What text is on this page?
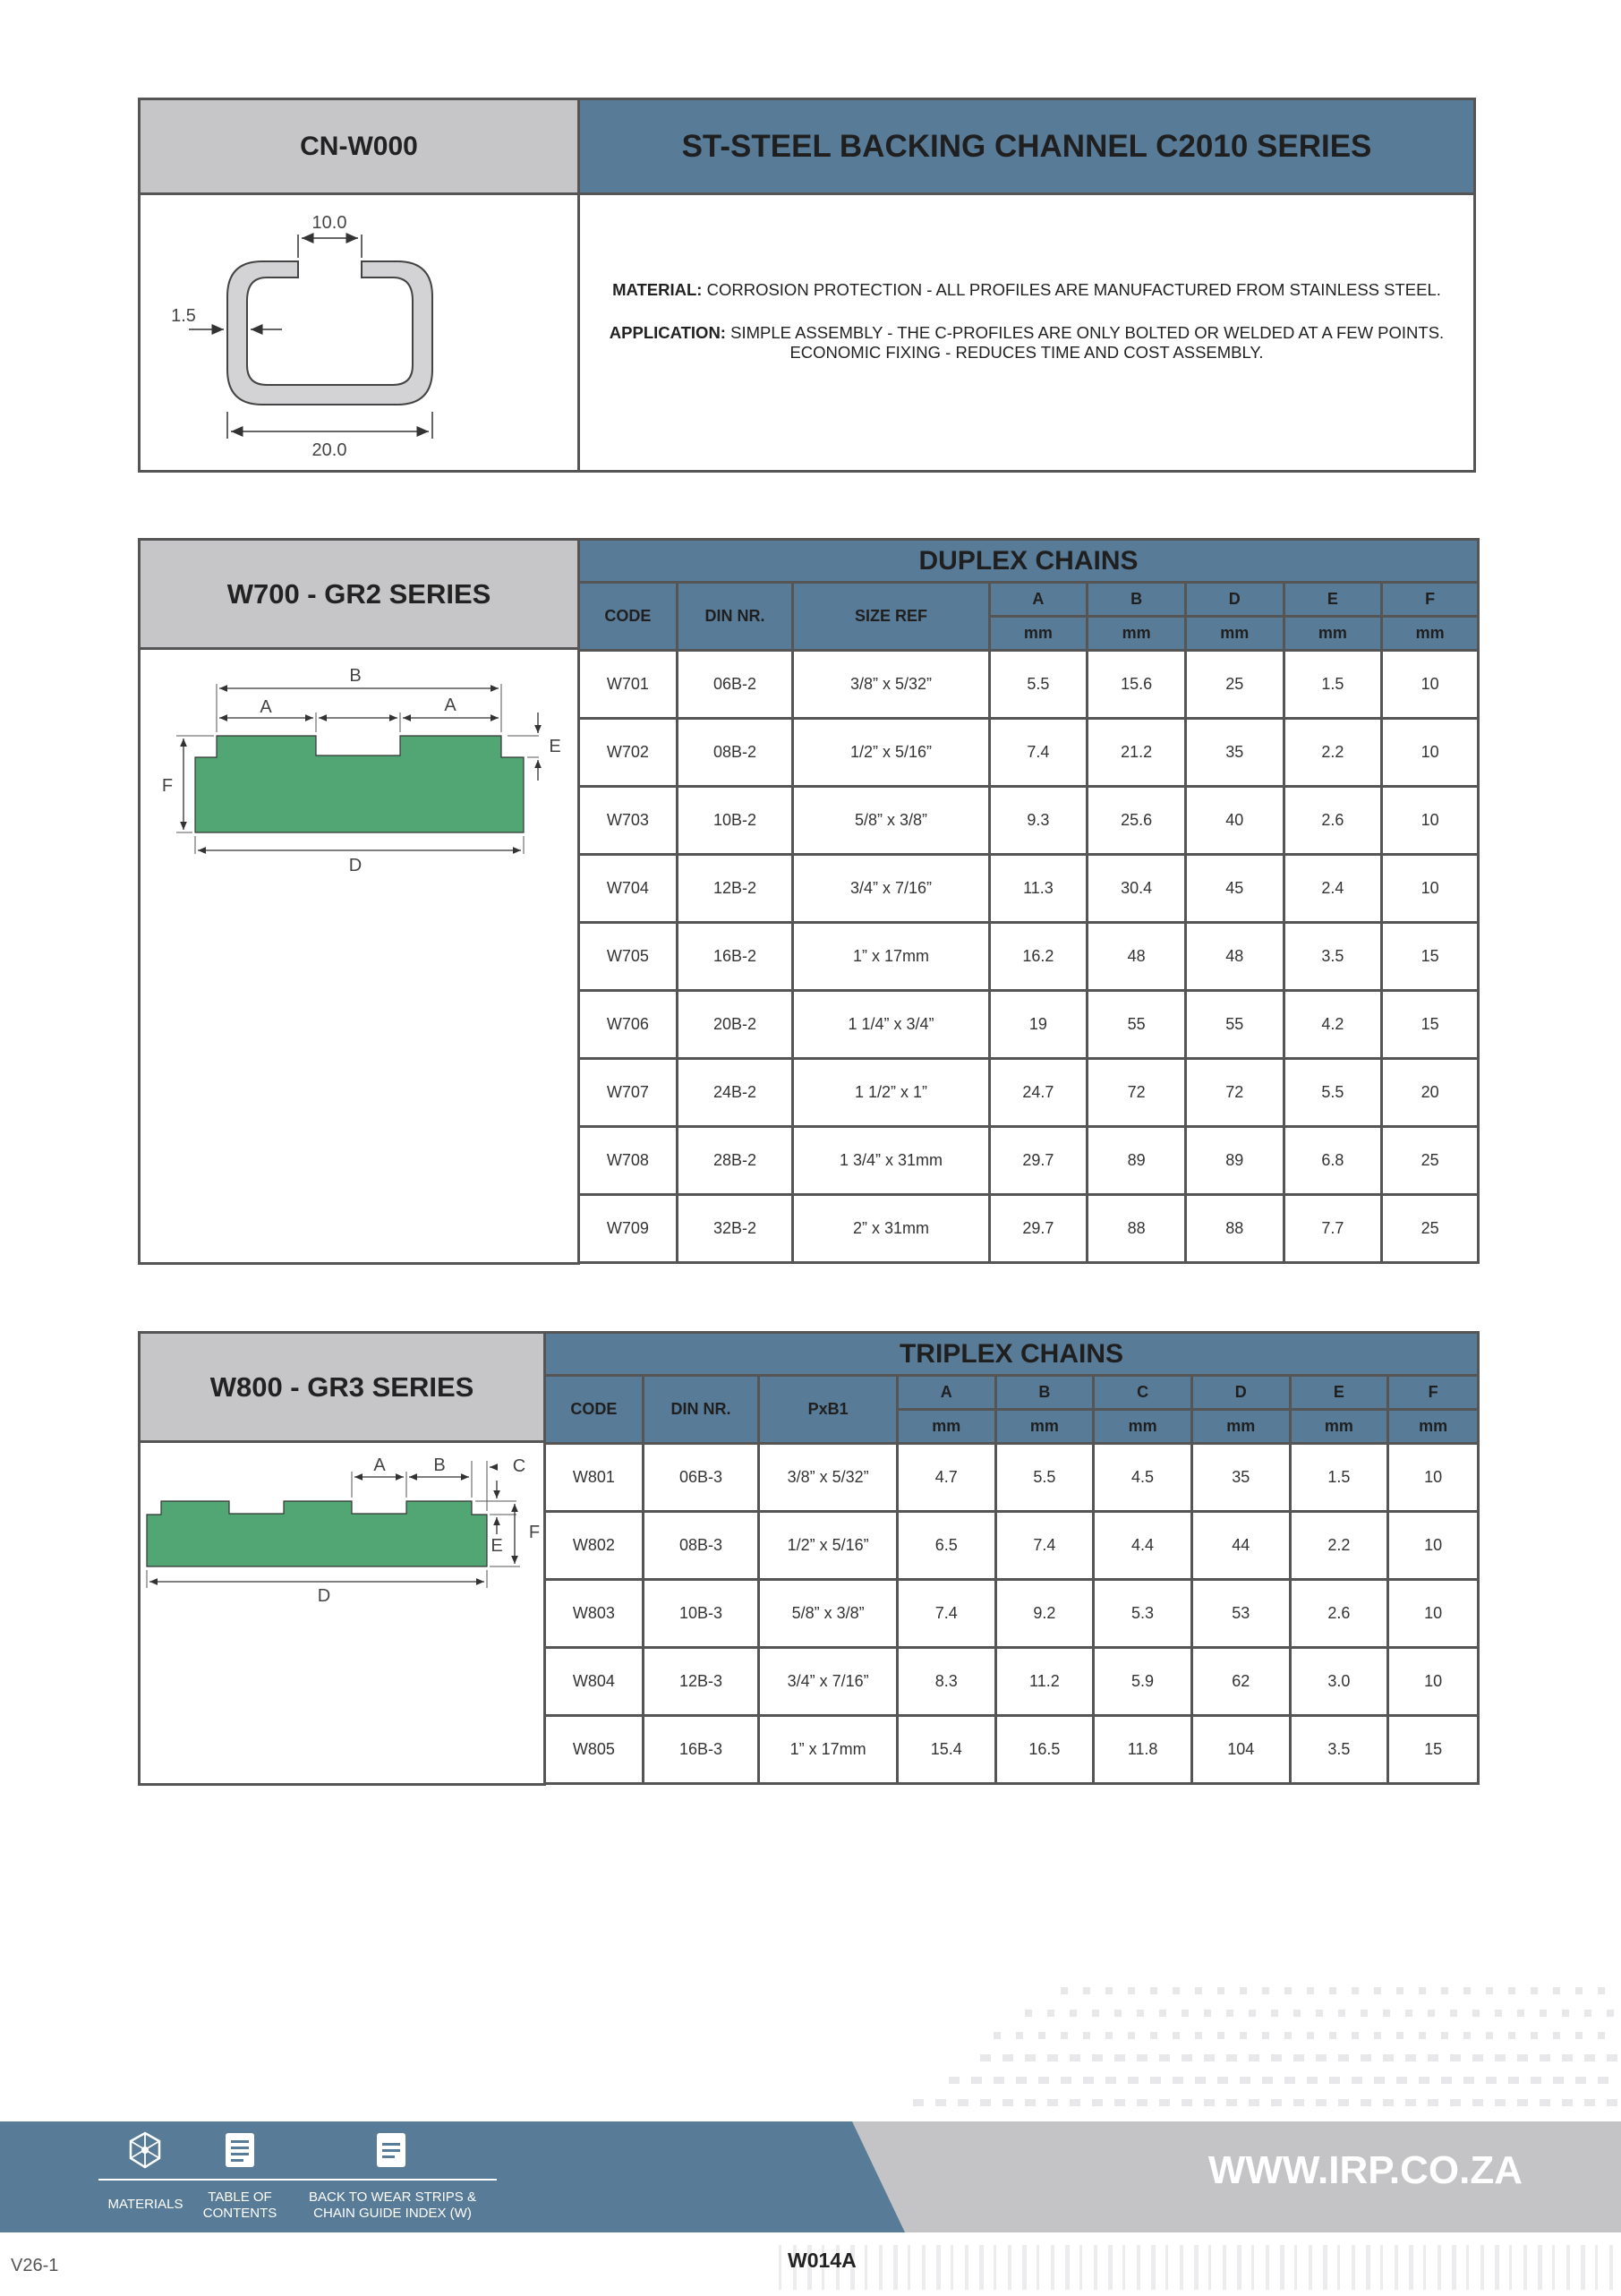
CN-W000	ST-STEEL BACKING CHANNEL C2010 SERIES
10.0
1.5
20.0

MATERIAL: CORROSION PROTECTION - ALL PROFILES ARE MANUFACTURED FROM STAINLESS STEEL.

APPLICATION: SIMPLE ASSEMBLY - THE C-PROFILES ARE ONLY BOLTED OR WELDED AT A FEW POINTS. ECONOMIC FIXING - REDUCES TIME AND COST ASSEMBLY.

W700 - GR2 SERIES
B
A	A
E
F
D
DUPLEX CHAINS							
CODE	DIN NR.	SIZE REF	A	B	D	E	F
			mm	mm	mm	mm	mm
W701	06B-2	3/8” x 5/32”	5.5	15.6	25	1.5	10
W702	08B-2	1/2” x 5/16”	7.4	21.2	35	2.2	10
W703	10B-2	5/8” x 3/8”	9.3	25.6	40	2.6	10
W704	12B-2	3/4” x 7/16”	11.3	30.4	45	2.4	10
W705	16B-2	1” x 17mm	16.2	48	48	3.5	15
W706	20B-2	1 1/4” x 3/4”	19	55	55	4.2	15
W707	24B-2	1 1/2” x 1”	24.7	72	72	5.5	20
W708	28B-2	1 3/4” x 31mm	29.7	89	89	6.8	25
W709	32B-2	2” x 31mm	29.7	88	88	7.7	25
W800 - GR3 SERIES
A	B	C
E
F
D
TRIPLEX CHAINS								
CODE	DIN NR.	PxB1	A	B	C	D	E	F
			mm	mm	mm	mm	mm	mm
W801	06B-3	3/8” x 5/32”	4.7	5.5	4.5	35	1.5	10
W802	08B-3	1/2” x 5/16”	6.5	7.4	4.4	44	2.2	10
W803	10B-3	5/8” x 3/8”	7.4	9.2	5.3	53	2.6	10
W804	12B-3	3/4” x 7/16”	8.3	11.2	5.9	62	3.0	10
W805	16B-3	1” x 17mm	15.4	16.5	11.8	104	3.5	15
MATERIALS	TABLE OF
CONTENTS
BACK TO WEAR STRIPS &
CHAIN GUIDE INDEX (W)
WWW.IRP.CO.ZA
W014A
V26-1
